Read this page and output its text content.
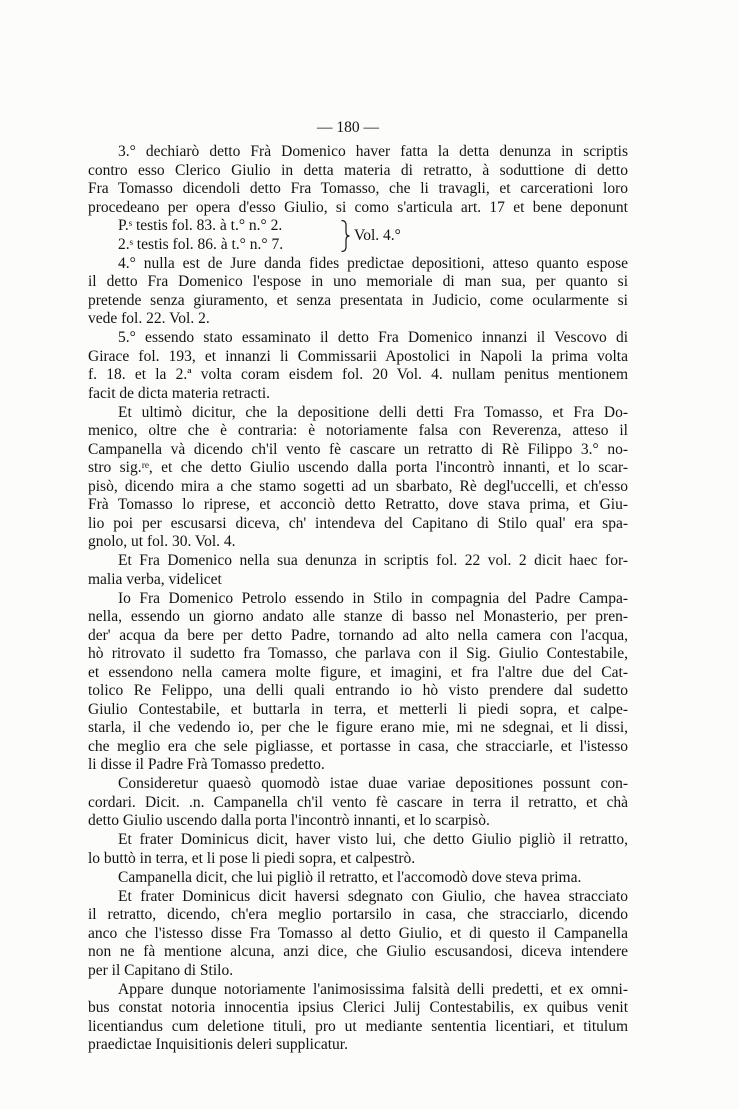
— 180 —
3.° dechiarò detto Frà Domenico haver fatta la detta denunza in scriptis
contro esso Clerico Giulio in detta materia di retratto, à soduttione di detto
Fra Tomasso dicendoli detto Fra Tomasso, che li travagli, et carcerationi loro
procedeano per opera d'esso Giulio, si como s'articula art. 17 et bene deponunt
P.ˢ testis fol. 83. à t.° n.° 2.
2.ˢ testis fol. 86. à t.° n.° 7.
Vol. 4.°
4.° nulla est de Jure danda fides predictae depositioni, atteso quanto espose
il detto Fra Domenico l'espose in uno memoriale di man sua, per quanto si
pretende senza giuramento, et senza presentata in Judicio, come ocularmente si
vede fol. 22. Vol. 2.
5.° essendo stato essaminato il detto Fra Domenico innanzi il Vescovo di
Girace fol. 193, et innanzi li Commissarii Apostolici in Napoli la prima volta
f. 18. et la 2.ª volta coram eisdem fol. 20 Vol. 4. nullam penitus mentionem
facit de dicta materia retracti.
Et ultimò dicitur, che la depositione delli detti Fra Tomasso, et Fra Do-
menico, oltre che è contraria: è notoriamente falsa con Reverenza, atteso il
Campanella và dicendo ch'il vento fè cascare un retratto di Rè Filippo 3.° no-
stro sig.ʳᵉ, et che detto Giulio uscendo dalla porta l'incontrò innanti, et lo scar-
pisò, dicendo mira a che stamo sogetti ad un sbarbato, Rè degl'uccelli, et ch'esso
Frà Tomasso lo riprese, et acconciò detto Retratto, dove stava prima, et Giu-
lio poi per escusarsi diceva, ch' intendeva del Capitano di Stilo qual' era spa-
gnolo, ut fol. 30. Vol. 4.
Et Fra Domenico nella sua denunza in scriptis fol. 22 vol. 2 dicit haec for-
malia verba, videlicet
Io Fra Domenico Petrolo essendo in Stilo in compagnia del Padre Campa-
nella, essendo un giorno andato alle stanze di basso nel Monasterio, per pren-
der' acqua da bere per detto Padre, tornando ad alto nella camera con l'acqua,
hò ritrovato il sudetto fra Tomasso, che parlava con il Sig. Giulio Contestabile,
et essendono nella camera molte figure, et imagini, et fra l'altre due del Cat-
tolico Re Felippo, una delli quali entrando io hò visto prendere dal sudetto
Giulio Contestabile, et buttarla in terra, et metterli li piedi sopra, et calpe-
starla, il che vedendo io, per che le figure erano mie, mi ne sdegnai, et li dissi,
che meglio era che sele pigliasse, et portasse in casa, che stracciarle, et l'istesso
li disse il Padre Frà Tomasso predetto.
Consideretur quaesò quomodò istae duae variae depositiones possunt con-
cordari. Dicit. .n. Campanella ch'il vento fè cascare in terra il retratto, et chà
detto Giulio uscendo dalla porta l'incontrò innanti, et lo scarpisò.
Et frater Dominicus dicit, haver visto lui, che detto Giulio pigliò il retratto,
lo buttò in terra, et li pose li piedi sopra, et calpestrò.
Campanella dicit, che lui pigliò il retratto, et l'accomodò dove steva prima.
Et frater Dominicus dicit haversi sdegnato con Giulio, che havea stracciato
il retratto, dicendo, ch'era meglio portarsilo in casa, che stracciarlo, dicendo
anco che l'istesso disse Fra Tomasso al detto Giulio, et di questo il Campanella
non ne fà mentione alcuna, anzi dice, che Giulio escusandosi, diceva intendere
per il Capitano di Stilo.
Appare dunque notoriamente l'animosissima falsità delli predetti, et ex omni-
bus constat notoria innocentia ipsius Clerici Julij Contestabilis, ex quibus venit
licentiandus cum deletione tituli, pro ut mediante sententia licentiari, et titulum
praedictae Inquisitionis deleri supplicatur.
